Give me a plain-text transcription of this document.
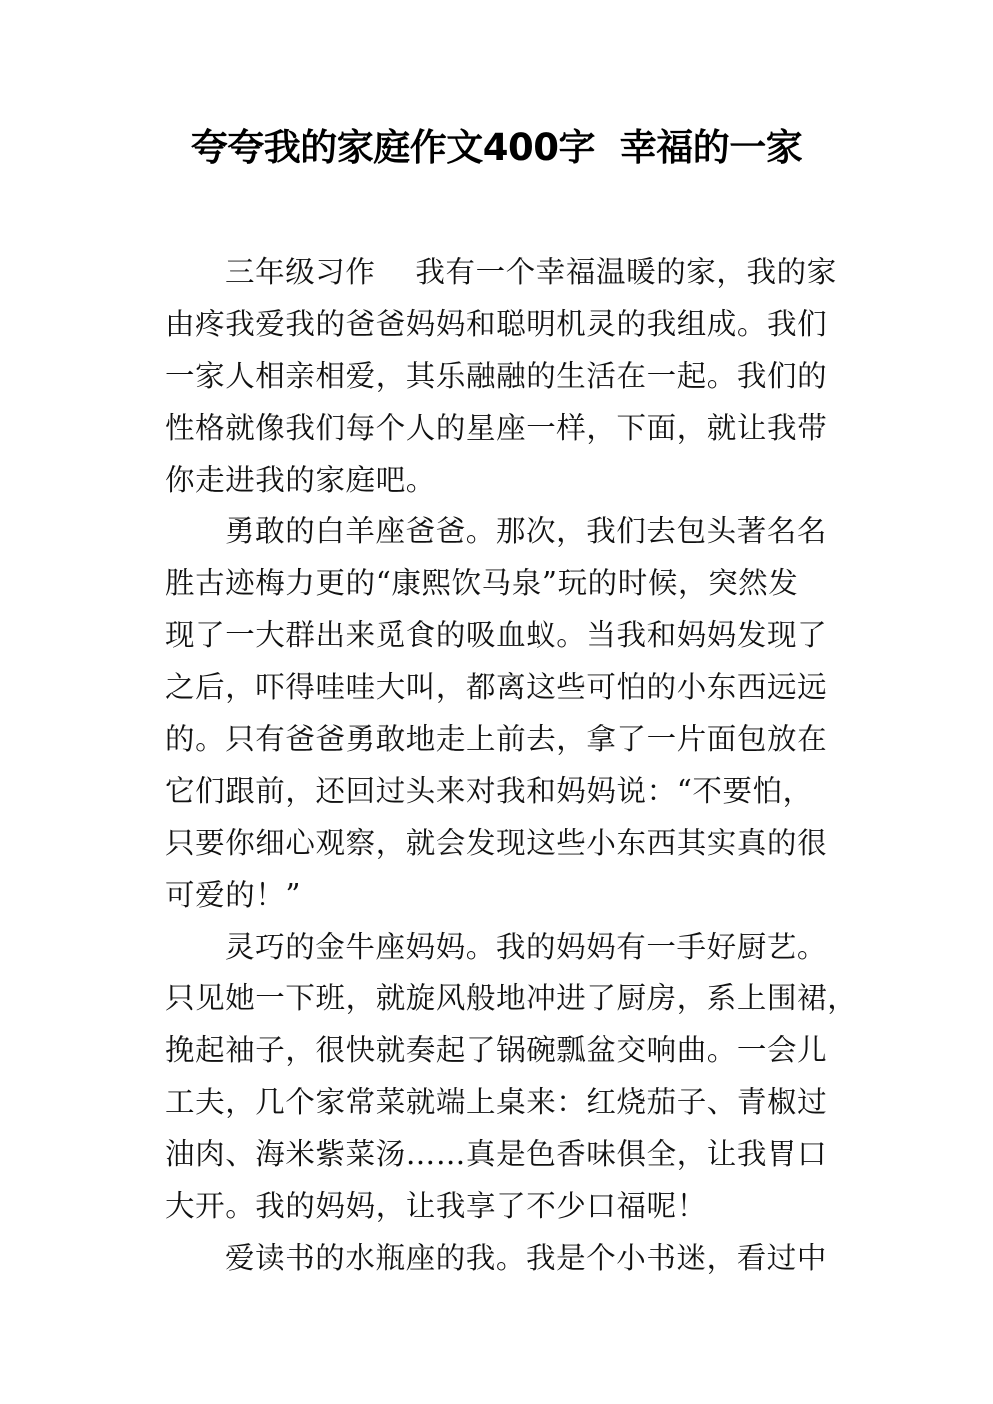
夸夸我的家庭作文400字  幸福的一家
三年级习作    我有一个幸福温暖的家，我的家
由疼我爱我的爸爸妈妈和聪明机灵的我组成。我们
一家人相亲相爱，其乐融融的生活在一起。我们的
性格就像我们每个人的星座一样，下面，就让我带
你走进我的家庭吧。
勇敢的白羊座爸爸。那次，我们去包头著名名
胜古迹梅力更的“康熙饮马泉”玩的时候，突然发
现了一大群出来觅食的吸血蚁。当我和妈妈发现了
之后，吓得哇哇大叫，都离这些可怕的小东西远远
的。只有爸爸勇敢地走上前去，拿了一片面包放在
它们跟前，还回过头来对我和妈妈说：“不要怕，
只要你细心观察，就会发现这些小东西其实真的很
可爱的！”
灵巧的金牛座妈妈。我的妈妈有一手好厨艺。
只见她一下班，就旋风般地冲进了厨房，系上围裙，
挽起袖子，很快就奏起了锅碗瓢盆交响曲。一会儿
工夫，几个家常菜就端上桌来：红烧茄子、青椒过
油肉、海米紫菜汤……真是色香味俱全，让我胃口
大开。我的妈妈，让我享了不少口福呢！
爱读书的水瓶座的我。我是个小书迷，看过中
